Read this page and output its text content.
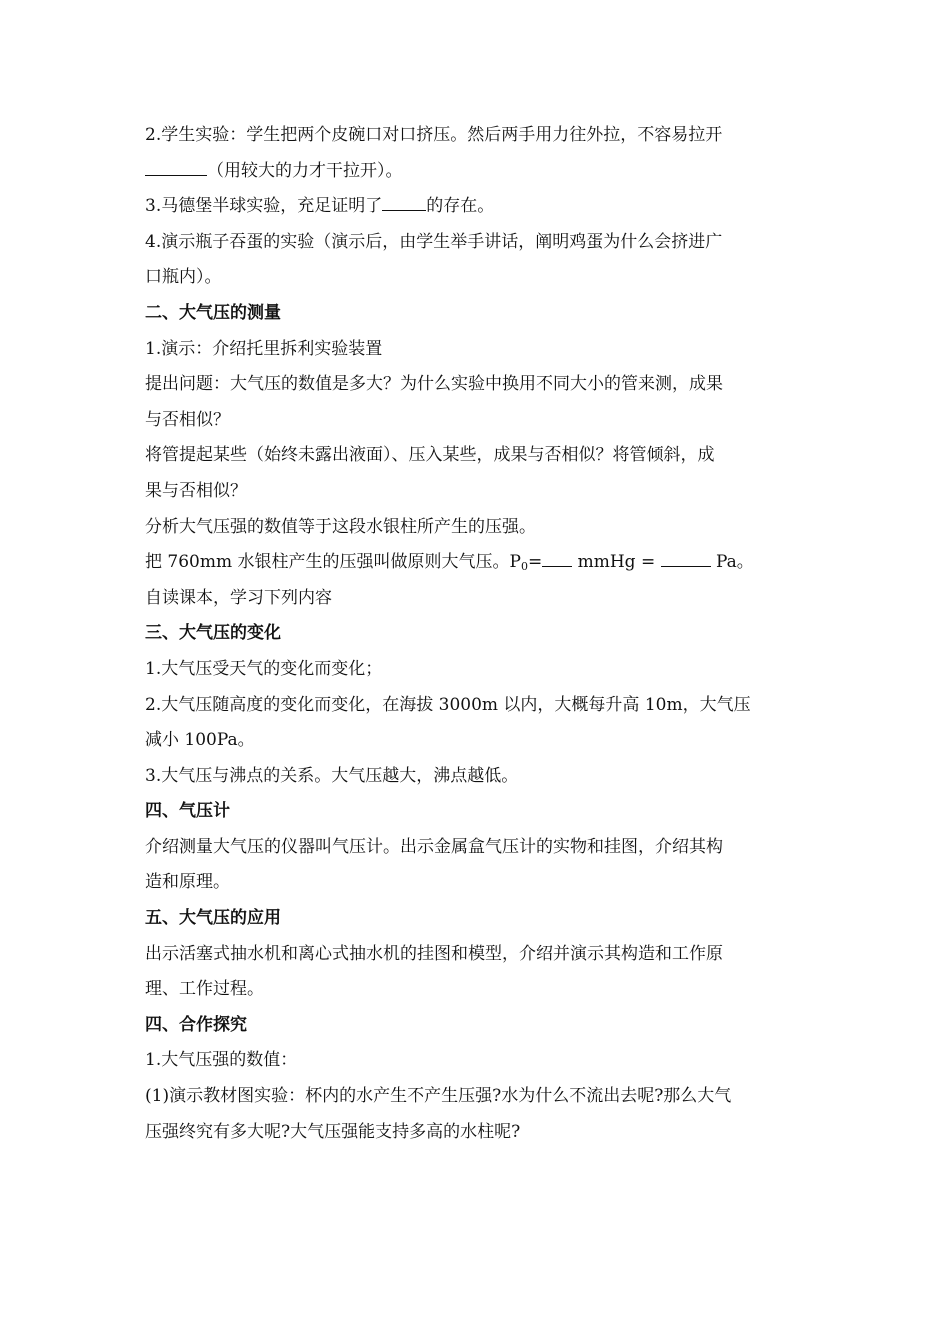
2.学生实验：学生把两个皮碗口对口挤压。然后两手用力往外拉，不容易拉开
（用较大的力才干拉开）。
3.马德堡半球实验，充足证明了	的存在。
4.演示瓶子吞蛋的实验（演示后，由学生举手讲话，阐明鸡蛋为什么会挤进广
口瓶内）。
二、大气压的测量
1.演示：介绍托里拆利实验装置
提出问题：大气压的数值是多大？为什么实验中换用不同大小的管来测，成果
与否相似？
将管提起某些（始终未露出液面）、压入某些，成果与否相似？将管倾斜，成
果与否相似？
分析大气压强的数值等于这段水银柱所产生的压强。
把 760mm 水银柱产生的压强叫做原则大气压。$P_0=$ mmHg =	Pa。
自读课本，学习下列内容
三、大气压的变化
1.大气压受天气的变化而变化；
2.大气压随高度的变化而变化，在海拔 3000m 以内，大概每升高 10m，大气压
减小 100Pa。
3.大气压与沸点的关系。大气压越大，沸点越低。
四、气压计
介绍测量大气压的仪器叫气压计。出示金属盒气压计的实物和挂图，介绍其构
造和原理。
五、大气压的应用
出示活塞式抽水机和离心式抽水机的挂图和模型，介绍并演示其构造和工作原
理、工作过程。
四、合作探究
1.大气压强的数值：
(1)演示教材图实验：杯内的水产生不产生压强?水为什么不流出去呢?那么大气
压强终究有多大呢?大气压强能支持多高的水柱呢?
